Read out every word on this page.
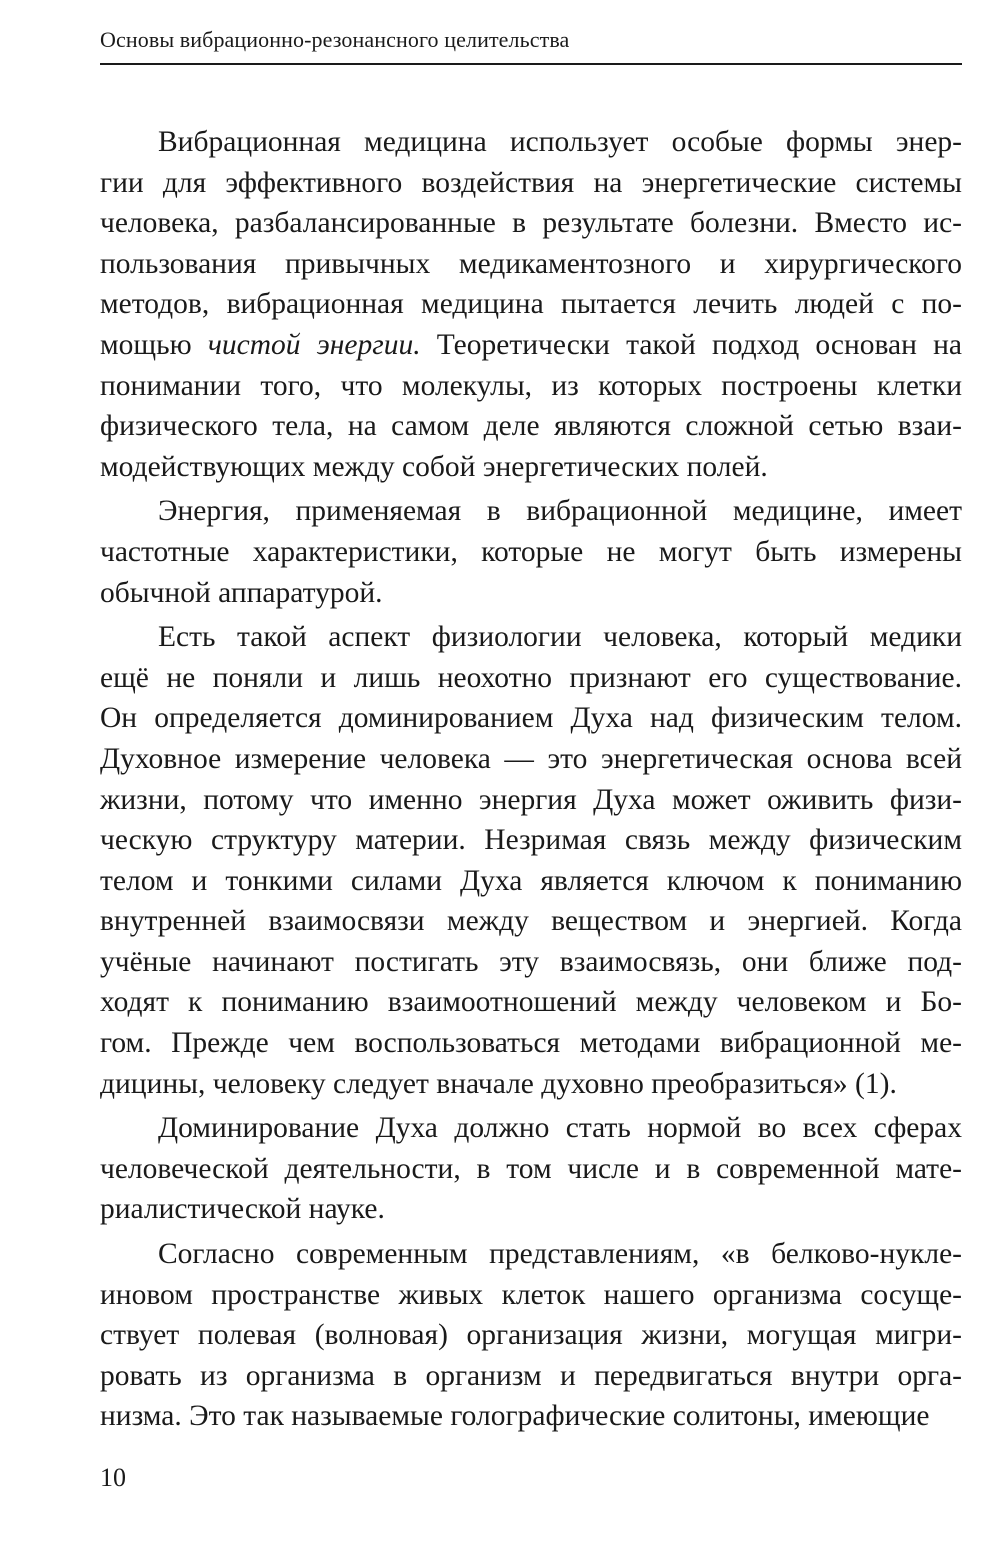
Основы вибрационно-резонансного целительства
Вибрационная медицина использует особые формы энер-
гии для эффективного воздействия на энергетические системы
человека, разбалансированные в результате болезни. Вместо ис-
пользования привычных медикаментозного и хирургического
методов, вибрационная медицина пытается лечить людей с по-
мощью чистой энергии. Теоретически такой подход основан на
понимании того, что молекулы, из которых построены клетки
физического тела, на самом деле являются сложной сетью взаи-
модействующих между собой энергетических полей.
Энергия, применяемая в вибрационной медицине, имеет
частотные характеристики, которые не могут быть измерены
обычной аппаратурой.
Есть такой аспект физиологии человека, который медики
ещё не поняли и лишь неохотно признают его существование.
Он определяется доминированием Духа над физическим телом.
Духовное измерение человека — это энергетическая основа всей
жизни, потому что именно энергия Духа может оживить физи-
ческую структуру материи. Незримая связь между физическим
телом и тонкими силами Духа является ключом к пониманию
внутренней взаимосвязи между веществом и энергией. Когда
учёные начинают постигать эту взаимосвязь, они ближе под-
ходят к пониманию взаимоотношений между человеком и Бо-
гом. Прежде чем воспользоваться методами вибрационной ме-
дицины, человеку следует вначале духовно преобразиться» (1).
Доминирование Духа должно стать нормой во всех сферах
человеческой деятельности, в том числе и в современной мате-
риалистической науке.
Согласно современным представлениям, «в белково-нукле-
иновом пространстве живых клеток нашего организма сосуще-
ствует полевая (волновая) организация жизни, могущая мигри-
ровать из организма в организм и передвигаться внутри орга-
низма. Это так называемые голографические солитоны, имеющие
10
